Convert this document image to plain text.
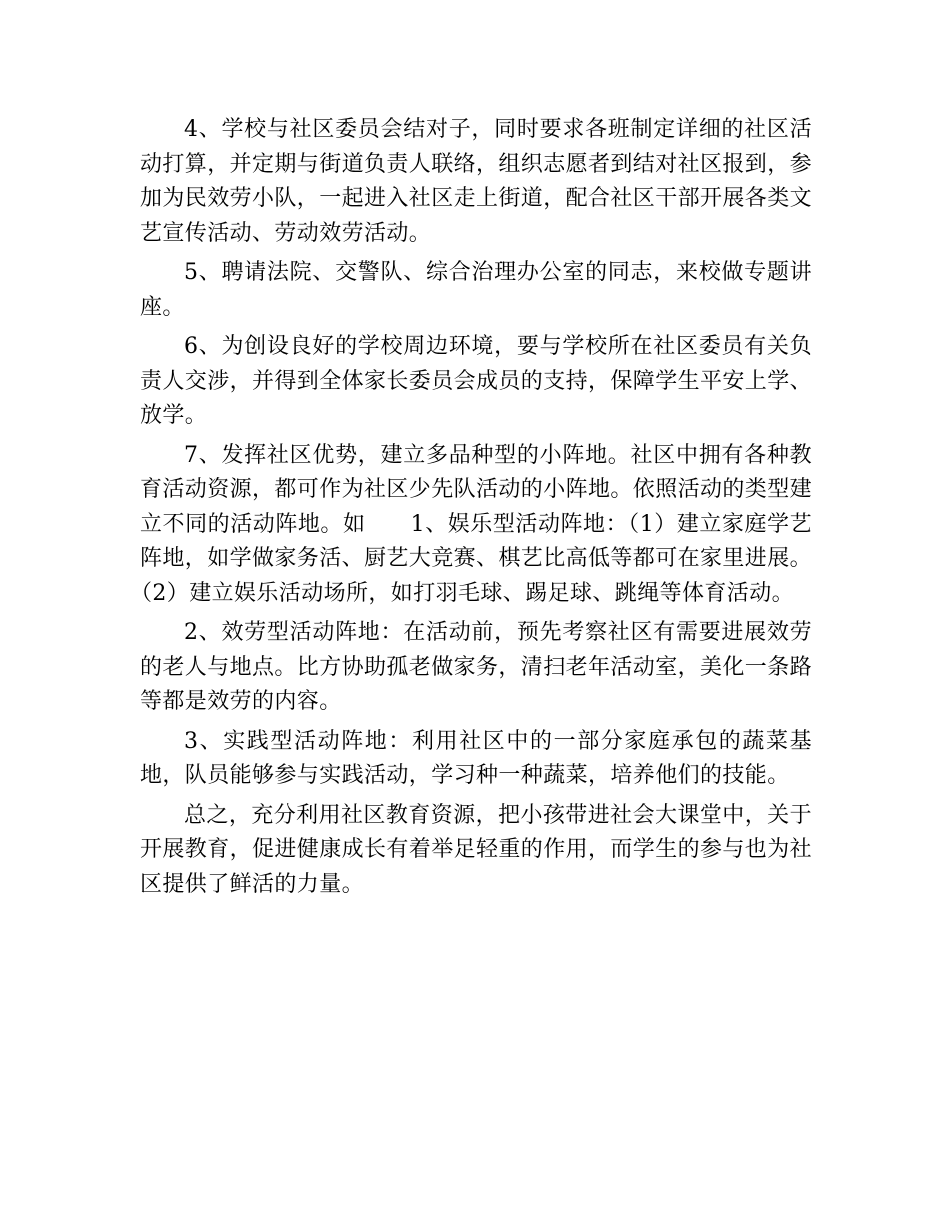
4、学校与社区委员会结对子，同时要求各班制定详细的社区活动打算，并定期与街道负责人联络，组织志愿者到结对社区报到，参加为民效劳小队，一起进入社区走上街道，配合社区干部开展各类文艺宣传活动、劳动效劳活动。

5、聘请法院、交警队、综合治理办公室的同志，来校做专题讲座。

6、为创设良好的学校周边环境，要与学校所在社区委员有关负责人交涉，并得到全体家长委员会成员的支持，保障学生平安上学、放学。

7、发挥社区优势，建立多品种型的小阵地。社区中拥有各种教育活动资源，都可作为社区少先队活动的小阵地。依照活动的类型建立不同的活动阵地。如　　1、娱乐型活动阵地：（1）建立家庭学艺阵地，如学做家务活、厨艺大竞赛、棋艺比高低等都可在家里进展。

（2）建立娱乐活动场所，如打羽毛球、踢足球、跳绳等体育活动。

2、效劳型活动阵地：在活动前，预先考察社区有需要进展效劳的老人与地点。比方协助孤老做家务，清扫老年活动室，美化一条路等都是效劳的内容。

3、实践型活动阵地：利用社区中的一部分家庭承包的蔬菜基地，队员能够参与实践活动，学习种一种蔬菜，培养他们的技能。

总之，充分利用社区教育资源，把小孩带进社会大课堂中，关于开展教育，促进健康成长有着举足轻重的作用，而学生的参与也为社区提供了鲜活的力量。
